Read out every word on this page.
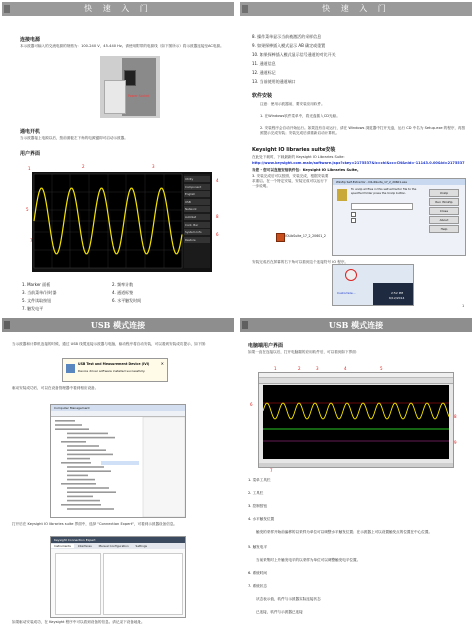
快 速 入 门
连接电源
本示波器可输入的交流电源的规格为：100-240 V，45-440 Hz。请使用附带的电源线（如下图所示）将示波器连接至AC电源。
Power Socket
通电开机
当示波器接上电源以后，按前面板左下角的电源键即可启动示波器。
用户界面
Utility
Component
English
USB
Network
AutoSet
Cont. Bar
System Info
Restore
1	2	3
4
5
6
7
8
1. Marker 面板	2. 频率计数
3. 当前菜单/计时器	4. 通道标签
5. 文件读取按钮	6. 水平触发时间
7. 触发电平
快 速 入 门
8. 操作菜单显示当前被激活的采样信息
9. 如果探棒插入模式显示 AB 确定或重置
10. 如果探棒插入模式显示信号通道的对比开关
11. 通道信息
12. 通道标记
13. 当前使用的通道端口
软件安装
注意：使用示波器前，要安装应用软件。
1. 在Windows软件菜单中，将光盘插入CD光驱。
2. 安装程序会自动开始运行。如果没有自动运行，请在 Windows 浏览器中打开光盘，运行 CD 中名为 Setup.exe 的程序，再按照提示完成安装；安装完成后请重新启动计算机。
Keysight IO libraries suite安装
在此处下载时，下载最新的 Keysight IO Libraries Suite：
http://www.keysight.com.main/software.jspx?ckey=2175537&lc=chi&cc=CN&nid=-11143.0.00&id=2175537
当您 - 您可以直接安装软件包：Keysight IO Libraries Suite。
3. 安装完成后可以按照，安装完成，根据安装要求重启。在一个特定安装，安装完成可以运行下一步说明。
IOLibSuite_17_2_20601_2
WinZip Self-Extractor - IOLibSuite_17_2_20601.exe
To unzip all files in this self-extractor file to the specified folder press the Unzip button.	Unzip
Run WinZip
Close
About
Help
安装完成后在屏幕的右下角可以看到这个连接符号 IO 程序。
Customize...	2:52 PM
6/12/2014
1
USB 模式连接
当示波器和计算机连接的时候，通过 USB 线缆连接示波器与电脑，驱动程序将自动安装，可以看到安装成功提示，如下图：
USB Test and Measurement Device (IVI)
Device driver software installed successfully.
✕
驱动安装成功后，可以在设备管理器中看到相应设备。
Computer Management
打开后在 Keysight IO libraries suite 界面中，选择 "Connection Expert"，可看到示波器设备信息。
Keysight Connection Expert
Instruments Interfaces Manual Configuration Settings
如果驱动安装成功，在 Keysight 程序中可以看到设备的信息。请记录下设备地址。
USB 模式连接
电脑端用户界面
如果一直在连接以后，打开电脑端的应用软件后，可以看到如下界面：
1	2	3	4	5
6
8
9
7
1. 菜单工具栏
2. 工具栏
3. 控制按钮
4. 水平触发位置
触发的采样开始前偏移的以采样为单位可以调整水平触发位置；在示波器上可以设置触发点的位置在中心位置。
5. 触发电平
当前采集时上升触发电平的以采样为单位可以调整触发电平位置。
6. 系统时间
7. 系统状态
状态表示值，软件与示波器实际连接状态
已连接，软件与示波器已连接
